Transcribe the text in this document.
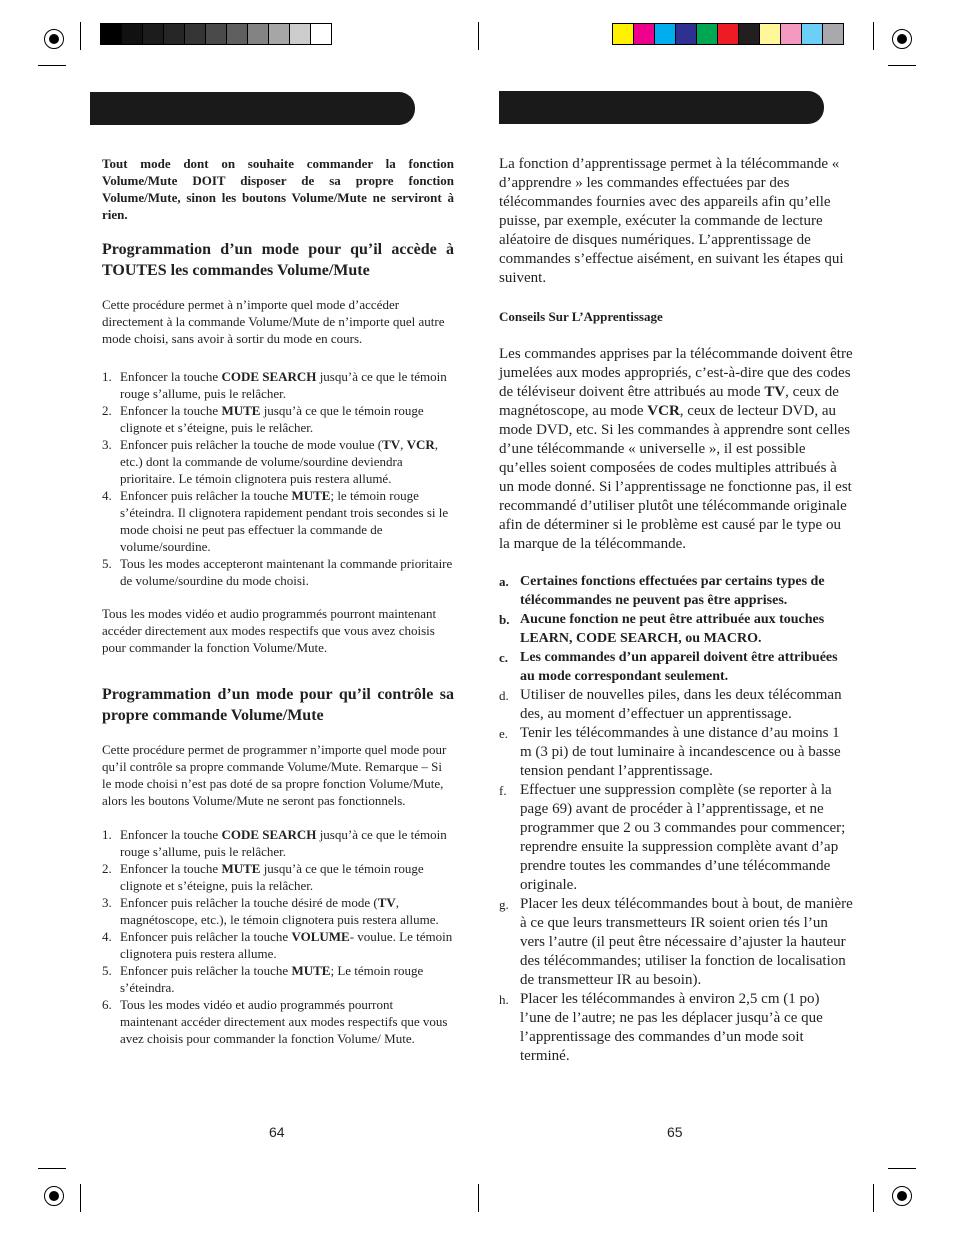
Tout mode dont on souhaite commander la fonction Volume/Mute DOIT disposer de sa propre fonction Volume/Mute, sinon les boutons Volume/Mute ne serviront à rien.

Programmation d’un mode pour qu’il accède à TOUTES les commandes Volume/Mute

Cette procédure permet à n’importe quel mode d’accéder directement à la commande Volume/Mute de n’importe quel autre mode choisi, sans avoir à sortir du mode en cours.

1. Enfoncer la touche CODE SEARCH jusqu’à ce que le témoin rouge s’allume, puis le relâcher.
2. Enfoncer la touche MUTE jusqu’à ce que le témoin rouge clignote et s’éteigne, puis le relâcher.
3. Enfoncer puis relâcher la touche de mode voulue (TV, VCR, etc.) dont la commande de volume/sourdine deviendra prioritaire. Le témoin clignotera puis restera allumé.
4. Enfoncer puis relâcher la touche MUTE; le témoin rouge s’éteindra. Il clignotera rapidement pendant trois secondes si le mode choisi ne peut pas effectuer la commande de volume/sourdine.
5. Tous les modes accepteront maintenant la commande prioritaire de volume/sourdine du mode choisi.

Tous les modes vidéo et audio programmés pourront maintenant accéder directement aux modes respectifs que vous avez choisis pour commander la fonction Volume/Mute.

Programmation d’un mode pour qu’il contrôle sa propre commande Volume/Mute

Cette procédure permet de programmer n’importe quel mode pour qu’il contrôle sa propre commande Volume/Mute. Remarque – Si le mode choisi n’est pas doté de sa propre fonction Volume/Mute, alors les boutons Volume/Mute ne seront pas fonctionnels.

1. Enfoncer la touche CODE SEARCH jusqu’à ce que le témoin rouge s’allume, puis le relâcher.
2. Enfoncer la touche MUTE jusqu’à ce que le témoin rouge clignote et s’éteigne, puis la relâcher.
3. Enfoncer puis relâcher la touche désiré de mode (TV, magnétoscope, etc.), le témoin clignotera puis restera allume.
4. Enfoncer puis relâcher la touche VOLUME- voulue. Le témoin clignotera puis restera allume.
5. Enfoncer puis relâcher la touche MUTE; Le témoin rouge s’éteindra.
6. Tous les modes vidéo et audio programmés pourront maintenant accéder directement aux modes respectifs que vous avez choisis pour commander la fonction Volume/ Mute.
64

La fonction d’apprentissage permet à la télécommande « d’apprendre » les commandes effectuées par des télécommandes fournies avec des appareils afin qu’elle puisse, par exemple, exécuter la commande de lecture aléatoire de disques numériques. L’apprentissage de commandes s’effectue aisément, en suivant les étapes qui suivent.

Conseils Sur L’Apprentissage

Les commandes apprises par la télécommande doivent être jumelées aux modes appropriés, c’est-à-dire que des codes de téléviseur doivent être attribués au mode TV, ceux de magnétoscope, au mode VCR, ceux de lecteur DVD, au mode DVD, etc. Si les commandes à apprendre sont celles d’une télécommande « universelle », il est possible qu’elles soient composées de codes multiples attribués à un mode donné. Si l’apprentissage ne fonctionne pas, il est recommandé d’utiliser plutôt une télécommande originale afin de déterminer si le problème est causé par le type ou la marque de la télécommande.

a. Certaines fonctions effectuées par certains types de télécommandes ne peuvent pas être apprises.
b. Aucune fonction ne peut être attribuée aux touches LEARN, CODE SEARCH, ou MACRO.
c. Les commandes d’un appareil doivent être attribuées au mode correspondant seulement.
d. Utiliser de nouvelles piles, dans les deux télécomman des, au moment d’effectuer un apprentissage.
e. Tenir les télécommandes à une distance d’au moins 1 m (3 pi) de tout luminaire à incandescence ou à basse tension pendant l’apprentissage.
f. Effectuer une suppression complète (se reporter à la page 69) avant de procéder à l’apprentissage, et ne programmer que 2 ou 3 commandes pour commencer; reprendre ensuite la suppression complète avant d’ap prendre toutes les commandes d’une télécommande originale.
g. Placer les deux télécommandes bout à bout, de manière à ce que leurs transmetteurs IR soient orien tés l’un vers l’autre (il peut être nécessaire d’ajuster la hauteur des télécommandes; utiliser la fonction de localisation de transmetteur IR au besoin).
h. Placer les télécommandes à environ 2,5 cm (1 po) l’une de l’autre; ne pas les déplacer jusqu’à ce que l’apprentissage des commandes d’un mode soit terminé.
65
